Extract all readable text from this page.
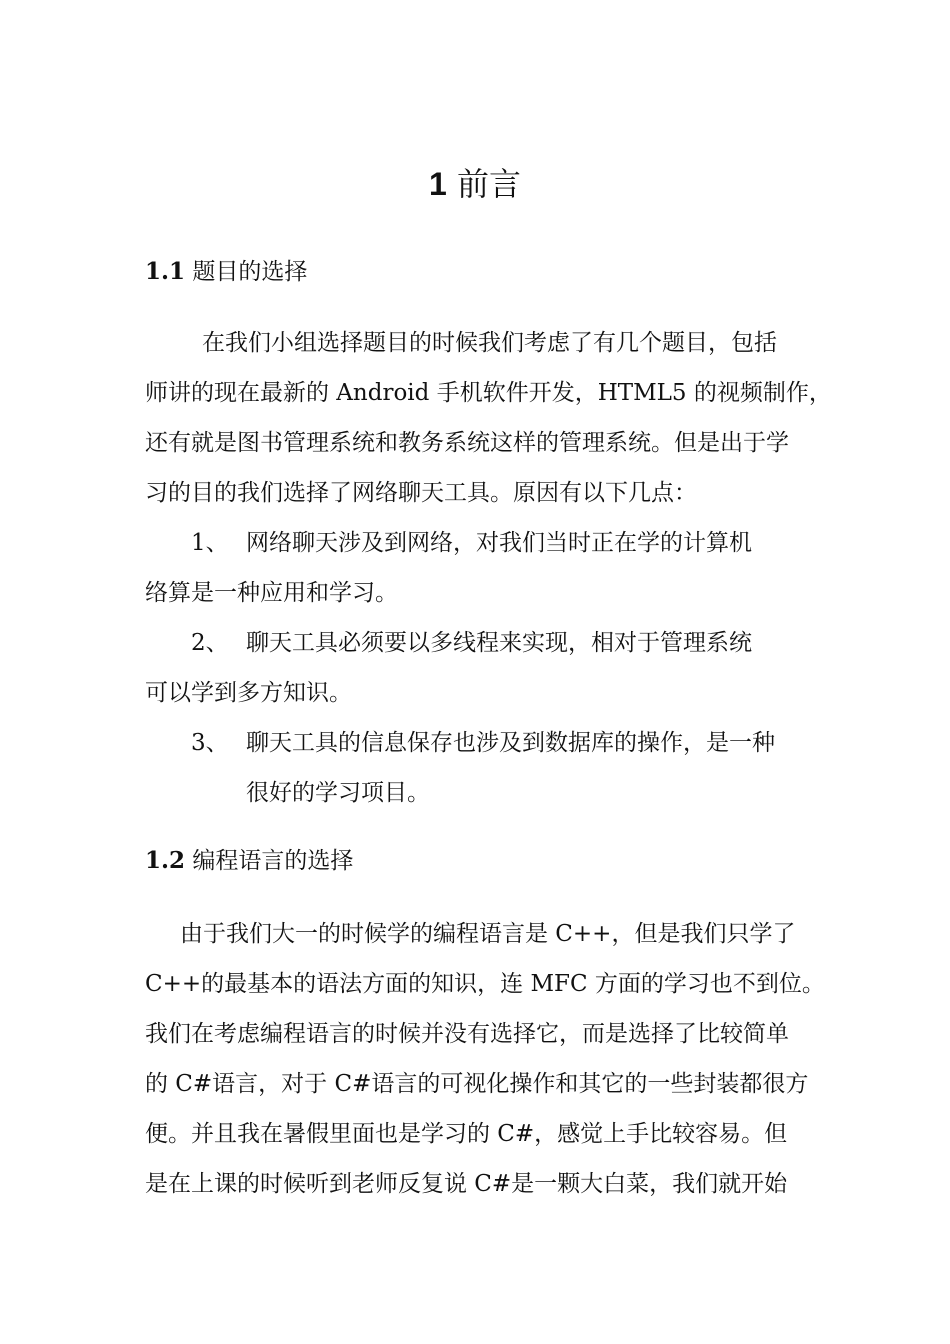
1 前言
1.1 题目的选择
在我们小组选择题目的时候我们考虑了有几个题目，包括
师讲的现在最新的 Android 手机软件开发，HTML5 的视频制作，
还有就是图书管理系统和教务系统这样的管理系统。但是出于学
习的目的我们选择了网络聊天工具。原因有以下几点：
1、 网络聊天涉及到网络，对我们当时正在学的计算机
络算是一种应用和学习。
2、 聊天工具必须要以多线程来实现，相对于管理系统
可以学到多方知识。
3、 聊天工具的信息保存也涉及到数据库的操作，是一种
很好的学习项目。
1.2 编程语言的选择
由于我们大一的时候学的编程语言是 C++，但是我们只学了
C++的最基本的语法方面的知识，连 MFC 方面的学习也不到位。
我们在考虑编程语言的时候并没有选择它，而是选择了比较简单
的 C#语言，对于 C#语言的可视化操作和其它的一些封装都很方
便。并且我在暑假里面也是学习的 C#，感觉上手比较容易。但
是在上课的时候听到老师反复说 C#是一颗大白菜，我们就开始
